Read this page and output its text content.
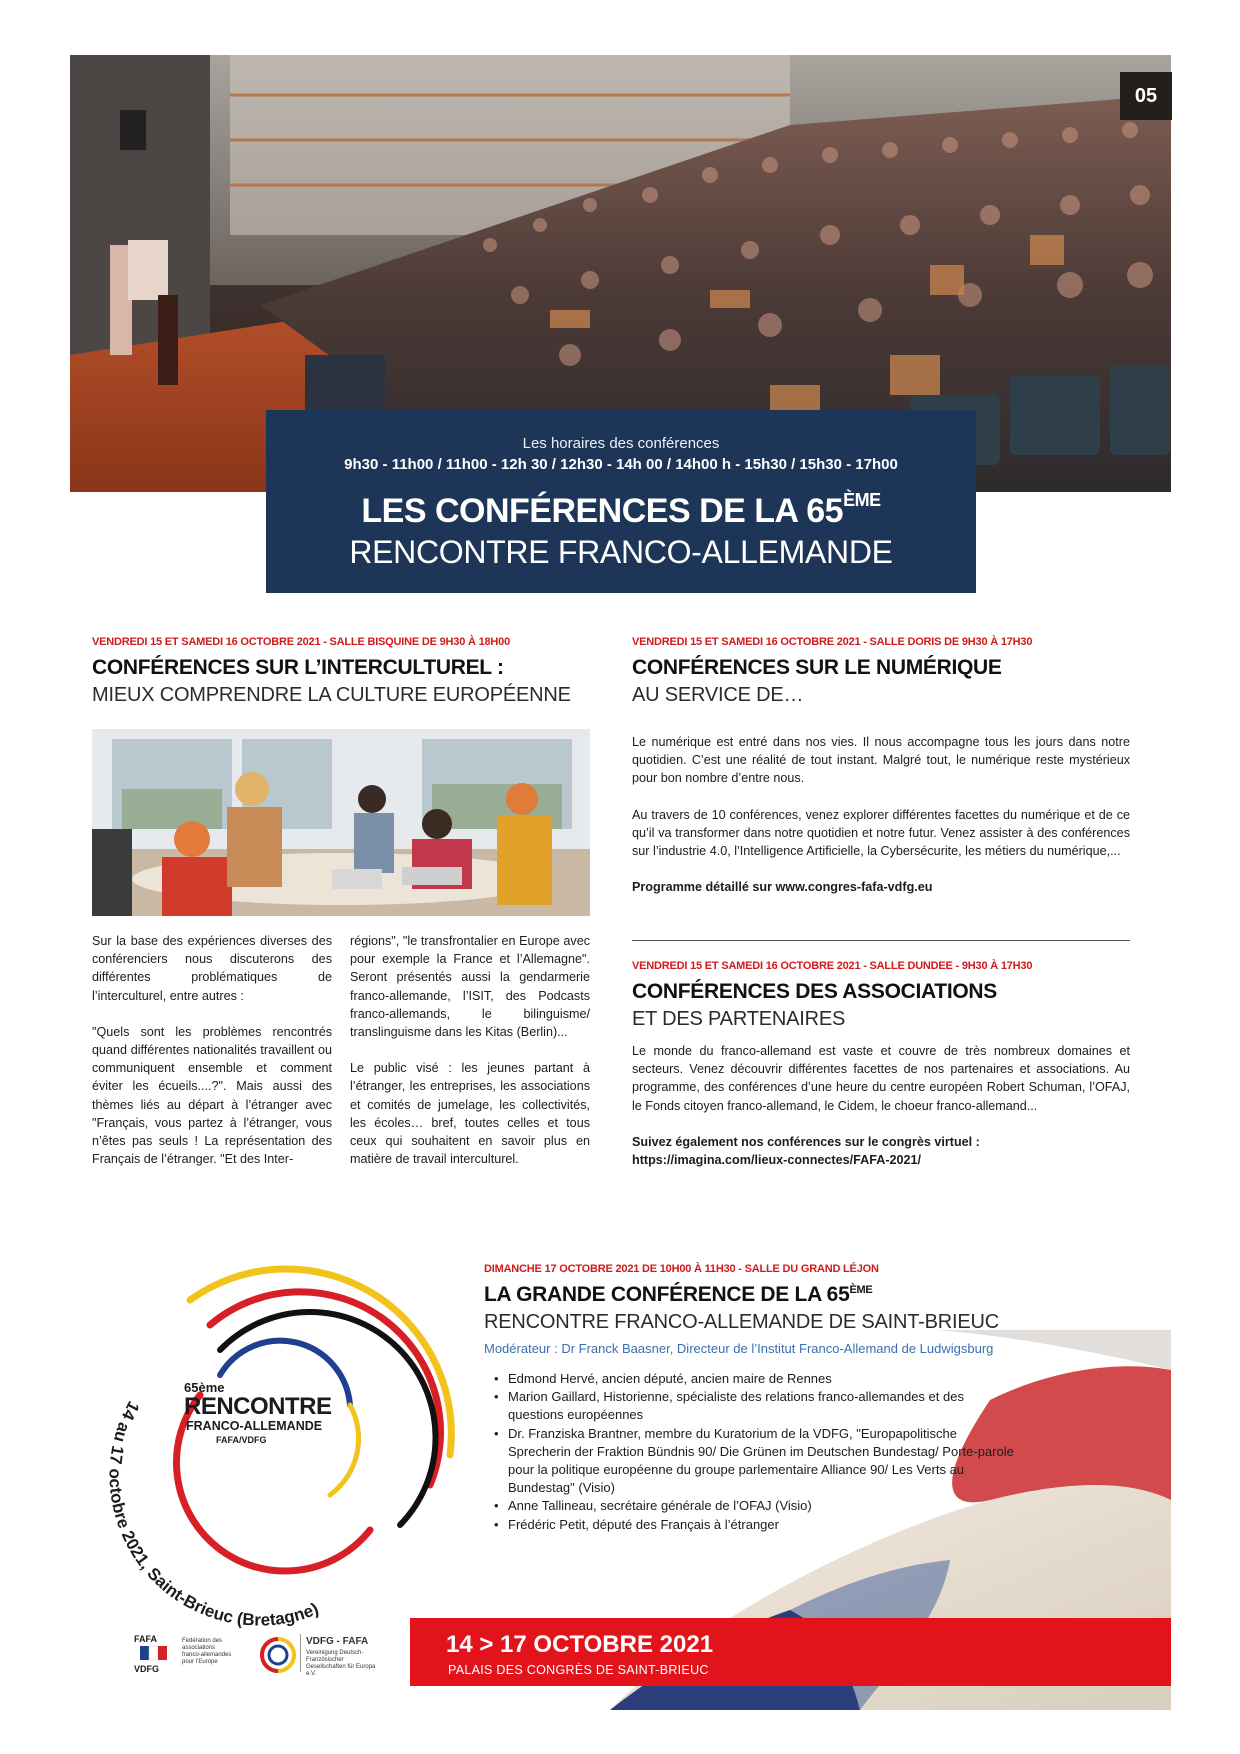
05
Les horaires des conférences
9h30 - 11h00 / 11h00 - 12h 30 / 12h30 - 14h 00 / 14h00 h - 15h30 / 15h30 - 17h00
LES CONFÉRENCES DE LA 65ÈME
RENCONTRE FRANCO-ALLEMANDE
VENDREDI 15 ET SAMEDI 16 OCTOBRE 2021 - SALLE BISQUINE DE 9H30 À 18H00
CONFÉRENCES SUR L’INTERCULTUREL :
MIEUX COMPRENDRE LA CULTURE EUROPÉENNE

Sur la base des expériences diverses des conférenciers nous discuterons des différentes problématiques de l’interculturel, entre autres :

"Quels sont les problèmes rencontrés quand différentes nationalités travaillent ou communiquent ensemble et comment éviter les écueils....?". Mais aussi des thèmes liés au départ à l’étranger avec "Français, vous partez à l’étranger, vous n’êtes pas seuls ! La représentation des Français de l’étranger. "Et des Inter-

régions", "le transfrontalier en Europe avec pour exemple la France et l’Allemagne". Seront présentés aussi la gendarmerie franco-allemande, l’ISIT, des Podcasts franco-allemands, le bilinguisme/ translinguisme dans les Kitas (Berlin)...

Le public visé : les jeunes partant à l’étranger, les entreprises, les associations et comités de jumelage, les collectivités, les écoles… bref, toutes celles et tous ceux qui souhaitent en savoir plus en matière de travail interculturel.

VENDREDI 15 ET SAMEDI 16 OCTOBRE 2021 - SALLE DORIS DE 9H30 À 17H30
CONFÉRENCES SUR LE NUMÉRIQUE
AU SERVICE DE…

Le numérique est entré dans nos vies. Il nous accompagne tous les jours dans notre quotidien. C’est une réalité de tout instant. Malgré tout, le numérique reste mystérieux pour bon nombre d’entre nous.

Au travers de 10 conférences, venez explorer différentes facettes du numérique et de ce qu’il va transformer dans notre quotidien et notre futur. Venez assister à des conférences sur l’industrie 4.0, l’Intelligence Artificielle, la Cybersécurite, les métiers du numérique,...

Programme détaillé sur www.congres-fafa-vdfg.eu

VENDREDI 15 ET SAMEDI 16 OCTOBRE 2021 - SALLE DUNDEE - 9H30 À 17H30
CONFÉRENCES DES ASSOCIATIONS
ET DES PARTENAIRES

Le monde du franco-allemand est vaste et couvre de très nombreux domaines et secteurs. Venez découvrir différentes facettes de nos partenaires et associations. Au programme, des conférences d’une heure du centre européen Robert Schuman, l’OFAJ, le Fonds citoyen franco-allemand, le Cidem, le choeur franco-allemand...

Suivez également nos conférences sur le congrès virtuel :
https://imagina.com/lieux-connectes/FAFA-2021/

14 au 17 octobre 2021, Saint-Brieuc (Bretagne)
65ème
RENCONTRE
FRANCO-ALLEMANDE
FAFA/VDFG
DIMANCHE 17 OCTOBRE 2021 DE 10H00 À 11H30 - SALLE DU GRAND LÉJON
LA GRANDE CONFÉRENCE DE LA 65ÈME
RENCONTRE FRANCO-ALLEMANDE DE SAINT-BRIEUC
Modérateur : Dr Franck Baasner, Directeur de l’Institut Franco-Allemand de Ludwigsburg
• Edmond Hervé, ancien député, ancien maire de Rennes
• Marion Gaillard, Historienne, spécialiste des relations franco-allemandes et des questions européennes
• Dr. Franziska Brantner, membre du Kuratorium de la VDFG, "Europapolitische Sprecherin der Fraktion Bündnis 90/ Die Grünen im Deutschen Bundestag/ Porte-parole pour la politique européenne du groupe parlementaire Alliance 90/ Les Verts au Bundestag" (Visio)
• Anne Tallineau, secrétaire générale de l’OFAJ (Visio)
• Frédéric Petit, député des Français à l’étranger
14 > 17 OCTOBRE 2021
PALAIS DES CONGRÈS DE SAINT-BRIEUC
FAFA
VDFG
Fédération des associations franco-allemandes pour l’Europe
VDFG - FAFA
Vereinigung Deutsch-Französischer Gesellschaften für Europa e.V.
